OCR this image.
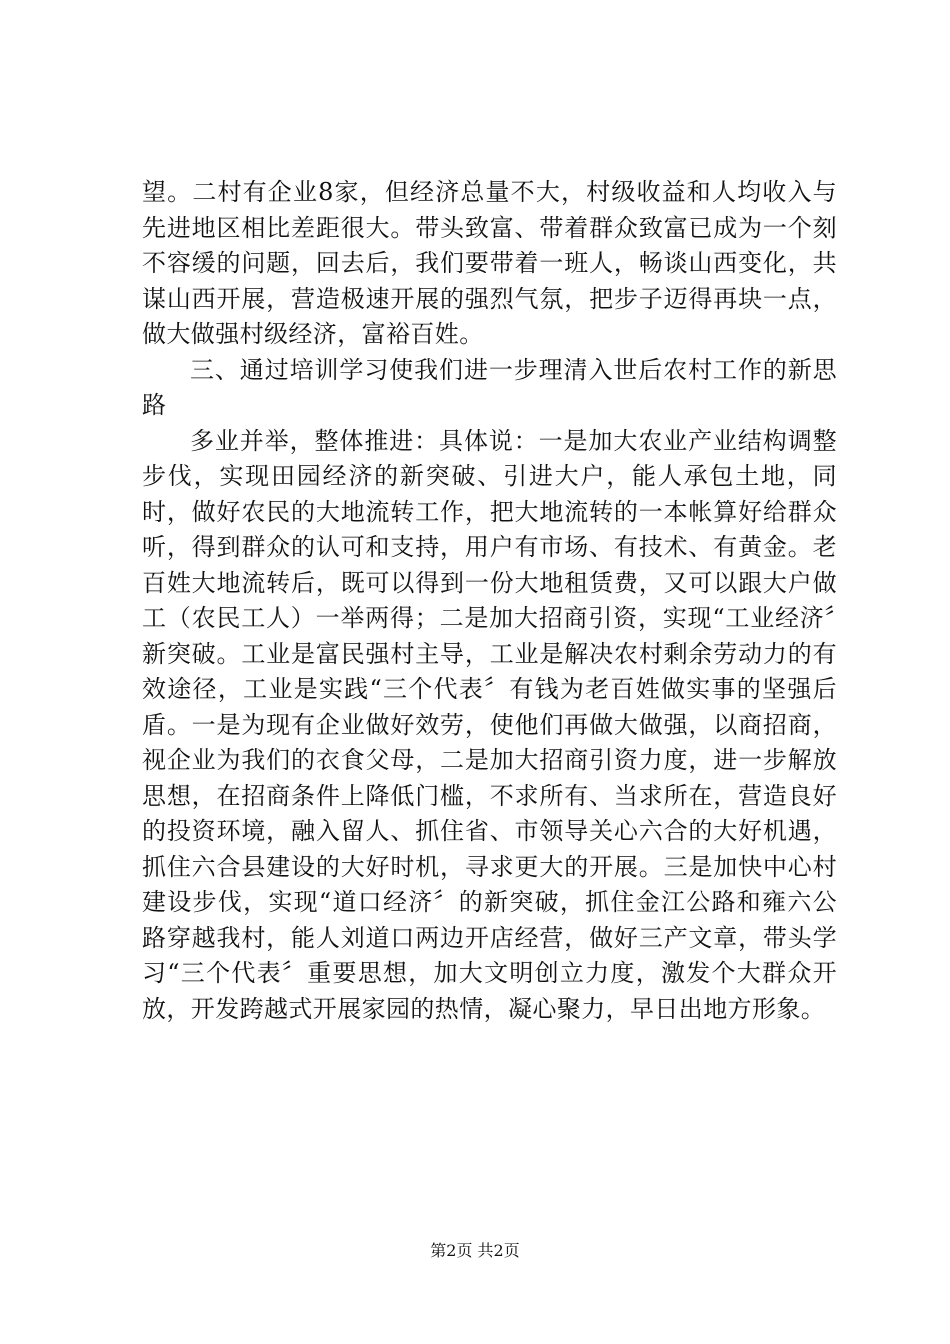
望。二村有企业8家，但经济总量不大，村级收益和人均收入与先进地区相比差距很大。带头致富、带着群众致富已成为一个刻不容缓的问题，回去后，我们要带着一班人，畅谈山西变化，共谋山西开展，营造极速开展的强烈气氛，把步子迈得再块一点，做大做强村级经济，富裕百姓。

三、通过培训学习使我们进一步理清入世后农村工作的新思路

多业并举，整体推进：具体说：一是加大农业产业结构调整步伐，实现田园经济的新突破、引进大户，能人承包土地，同时，做好农民的大地流转工作，把大地流转的一本帐算好给群众听，得到群众的认可和支持，用户有市场、有技术、有黄金。老百姓大地流转后，既可以得到一份大地租赁费，又可以跟大户做工（农民工人）一举两得；二是加大招商引资，实现“工业经济〞新突破。工业是富民强村主导，工业是解决农村剩余劳动力的有效途径，工业是实践“三个代表〞有钱为老百姓做实事的坚强后盾。一是为现有企业做好效劳，使他们再做大做强，以商招商，视企业为我们的衣食父母，二是加大招商引资力度，进一步解放思想，在招商条件上降低门槛，不求所有、当求所在，营造良好的投资环境，融入留人、抓住省、市领导关心六合的大好机遇，抓住六合县建设的大好时机，寻求更大的开展。三是加快中心村建设步伐，实现“道口经济〞的新突破，抓住金江公路和雍六公路穿越我村，能人刘道口两边开店经营，做好三产文章，带头学习“三个代表〞重要思想，加大文明创立力度，激发个大群众开放，开发跨越式开展家园的热情，凝心聚力，早日出地方形象。

第2页 共2页
